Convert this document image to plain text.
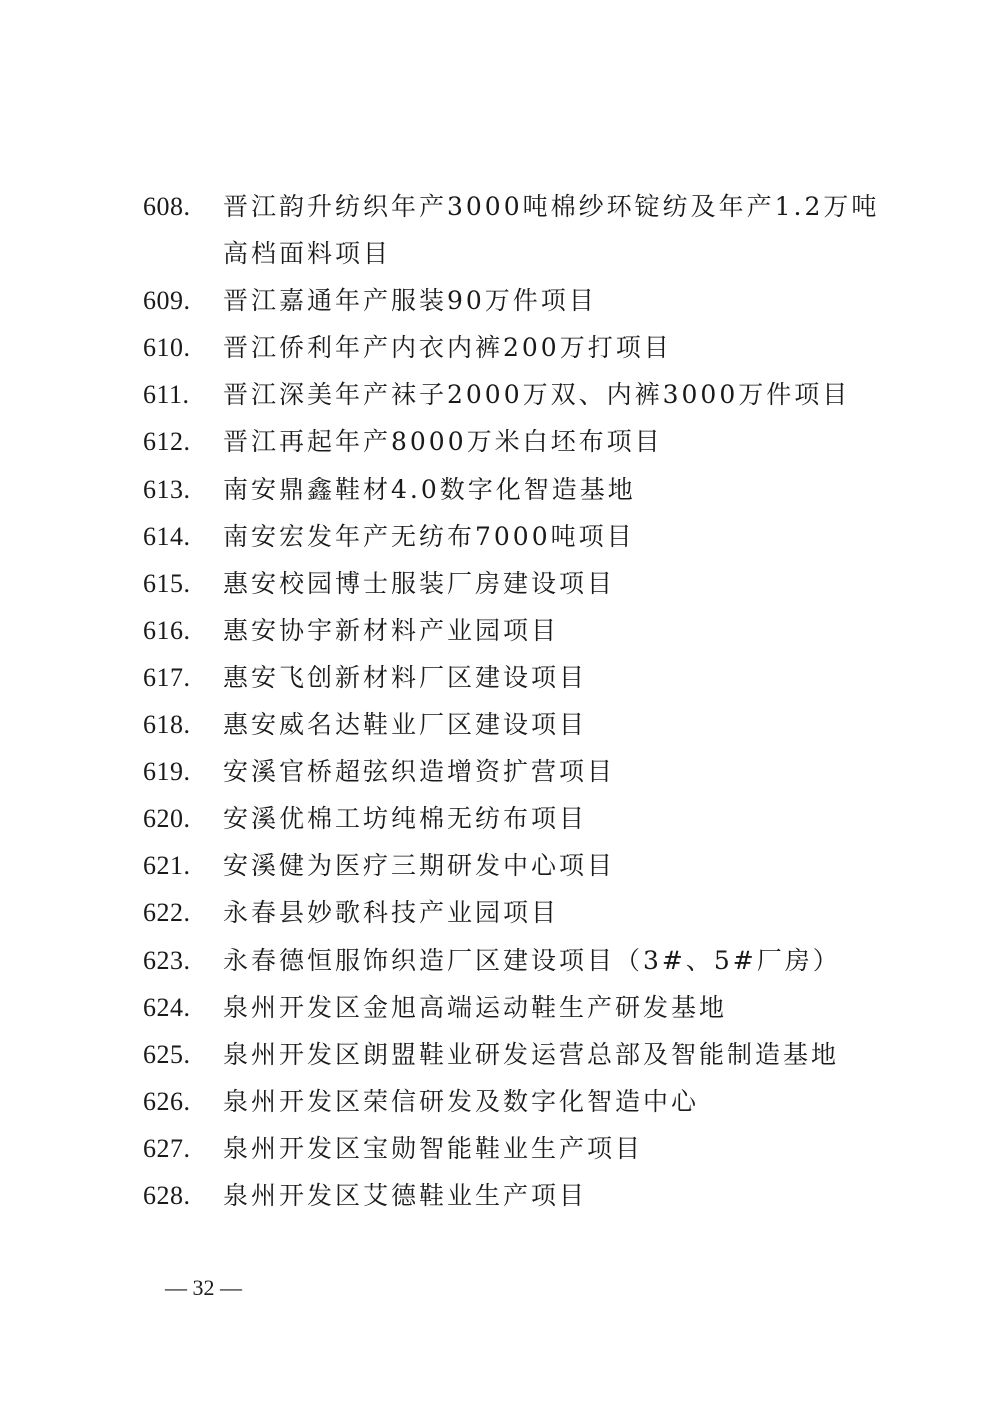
608.	晋江韵升纺织年产3000吨棉纱环锭纺及年产1.2万吨高档面料项目
609.	晋江嘉通年产服装90万件项目
610.	晋江侨利年产内衣内裤200万打项目
611.	晋江深美年产袜子2000万双、内裤3000万件项目
612.	晋江再起年产8000万米白坯布项目
613.	南安鼎鑫鞋材4.0数字化智造基地
614.	南安宏发年产无纺布7000吨项目
615.	惠安校园博士服装厂房建设项目
616.	惠安协宇新材料产业园项目
617.	惠安飞创新材料厂区建设项目
618.	惠安威名达鞋业厂区建设项目
619.	安溪官桥超弦织造增资扩营项目
620.	安溪优棉工坊纯棉无纺布项目
621.	安溪健为医疗三期研发中心项目
622.	永春县妙歌科技产业园项目
623.	永春德恒服饰织造厂区建设项目（3#、5#厂房）
624.	泉州开发区金旭高端运动鞋生产研发基地
625.	泉州开发区朗盟鞋业研发运营总部及智能制造基地
626.	泉州开发区荣信研发及数字化智造中心
627.	泉州开发区宝勋智能鞋业生产项目
628.	泉州开发区艾德鞋业生产项目
— 32 —
